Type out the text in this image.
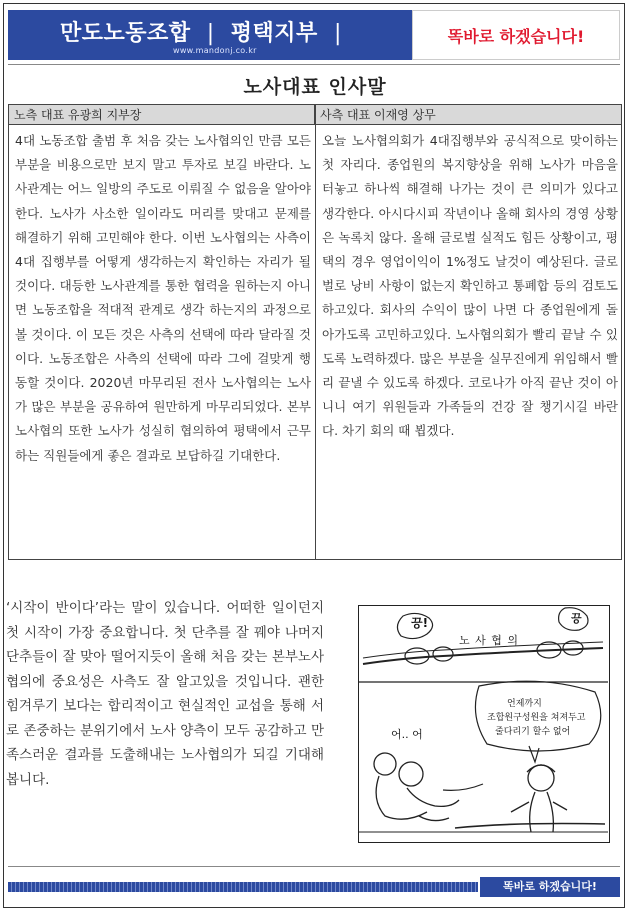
만도노동조합 | 평택지부 |
www.mandonj.co.kr
똑바로 하겠습니다!
노사대표 인사말
노측 대표 유광희 지부장	사측 대표 이재영 상무
4대 노동조합 출범 후 처음 갖는 노사협의인 만큼 모든 부분을 비용으로만 보지 말고 투자로 보길 바란다. 노사관계는 어느 일방의 주도로 이뤄질 수 없음을 알아야한다. 노사가 사소한 일이라도 머리를 맞대고 문제를 해결하기 위해 고민해야 한다. 이번 노사협의는 사측이 4대 집행부를 어떻게 생각하는지 확인하는 자리가 될 것이다. 대등한 노사관계를 통한 협력을 원하는지 아니면 노동조합을 적대적 관계로 생각 하는지의 과정으로 볼 것이다. 이 모든 것은 사측의 선택에 따라 달라질 것이다. 노동조합은 사측의 선택에 따라 그에 걸맞게 행동할 것이다. 2020년 마무리된 전사 노사협의는 노사가 많은 부분을 공유하여 원만하게 마무리되었다. 본부 노사협의 또한 노사가 성실히 협의하여 평택에서 근무하는 직원들에게 좋은 결과로 보답하길 기대한다.
오늘 노사협의회가 4대집행부와 공식적으로 맞이하는 첫 자리다. 종업원의 복지향상을 위해 노사가 마음을 터놓고 하나씩 해결해 나가는 것이 큰 의미가 있다고 생각한다. 아시다시피 작년이나 올해 회사의 경영 상황은 녹록치 않다. 올해 글로벌 실적도 힘든 상황이고, 평택의 경우 영업이익이 1%정도 날것이 예상된다. 글로벌로 낭비 사항이 없는지 확인하고 통폐합 등의 검토도 하고있다. 회사의 수익이 많이 나면 다 종업원에게 돌아가도록 고민하고있다. 노사협의회가 빨리 끝날 수 있도록 노력하겠다. 많은 부분을 실무진에게 위임해서 빨리 끝낼 수 있도록 하겠다. 코로나가 아직 끝난 것이 아니니 여기 위원들과 가족들의 건강 잘 챙기시길 바란다. 차기 회의 때 뵙겠다.
‘시작이 반이다’라는 말이 있습니다. 어떠한 일이던지 첫 시작이 가장 중요합니다. 첫 단추를 잘 꿰야 나머지 단추들이 잘 맞아 떨어지듯이 올해 처음 갖는 본부노사협의에 중요성은 사측도 잘 알고있을 것입니다. 괜한 힘겨루기 보다는 합리적이고 현실적인 교섭을 통해 서로 존중하는 분위기에서 노사 양측이 모두 공감하고 만족스러운 결과를 도출해내는 노사협의가 되길 기대해봅니다.
끙!	끙
노 사 협 의
언제까지
조합원구성원을 쳐져두고
줄다리기 할수 없어
어.. 어
똑바로 하겠습니다!
